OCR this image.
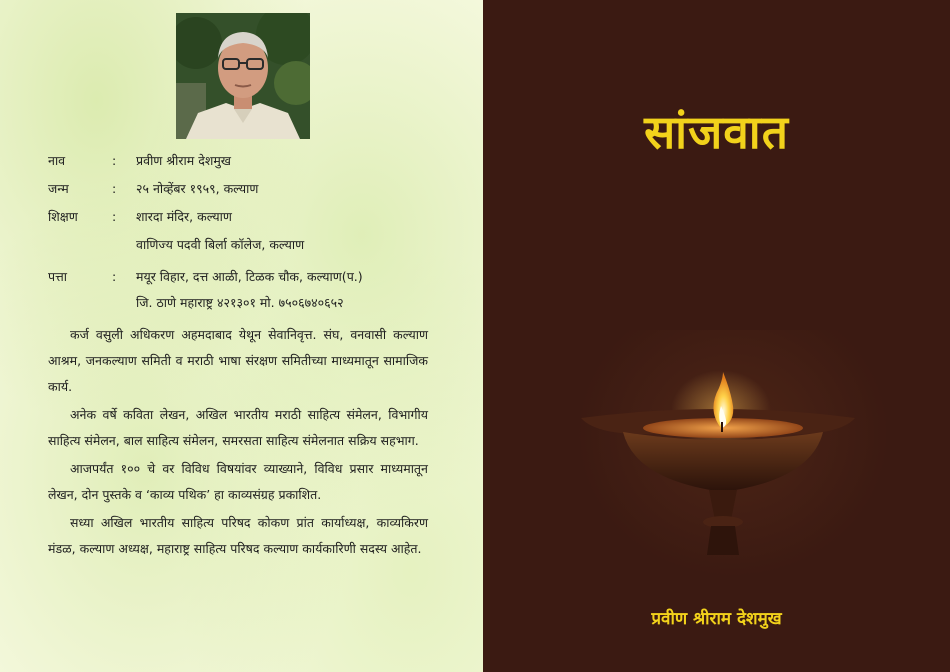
नाव	:	प्रवीण श्रीराम देशमुख
जन्म	:	२५ नोव्हेंबर १९५९, कल्याण
शिक्षण	:	शारदा मंदिर, कल्याण
वाणिज्य पदवी बिर्ला कॉलेज, कल्याण
पत्ता	:	मयूर विहार, दत्त आळी, टिळक चौक, कल्याण(प.)
जि. ठाणे महाराष्ट्र ४२१३०१ मो. ७५०६७४०६५२

कर्ज वसुली अधिकरण अहमदाबाद येथून सेवानिवृत्त. संघ, वनवासी कल्याण आश्रम, जनकल्याण समिती व मराठी भाषा संरक्षण समितीच्या माध्यमातून सामाजिक कार्य.

अनेक वर्षे कविता लेखन, अखिल भारतीय मराठी साहित्य संमेलन, विभागीय साहित्य संमेलन, बाल साहित्य संमेलन, समरसता साहित्य संमेलनात सक्रिय सहभाग.

आजपर्यंत १०० चे वर विविध विषयांवर व्याख्याने, विविध प्रसार माध्यमातून लेखन, दोन पुस्तके व ‘काव्य पथिक’ हा काव्यसंग्रह प्रकाशित.

सध्या अखिल भारतीय साहित्य परिषद कोकण प्रांत कार्याध्यक्ष, काव्यकिरण मंडळ, कल्याण अध्यक्ष, महाराष्ट्र साहित्य परिषद कल्याण कार्यकारिणी सदस्य आहेत.

सांजवात
प्रवीण श्रीराम देशमुख
